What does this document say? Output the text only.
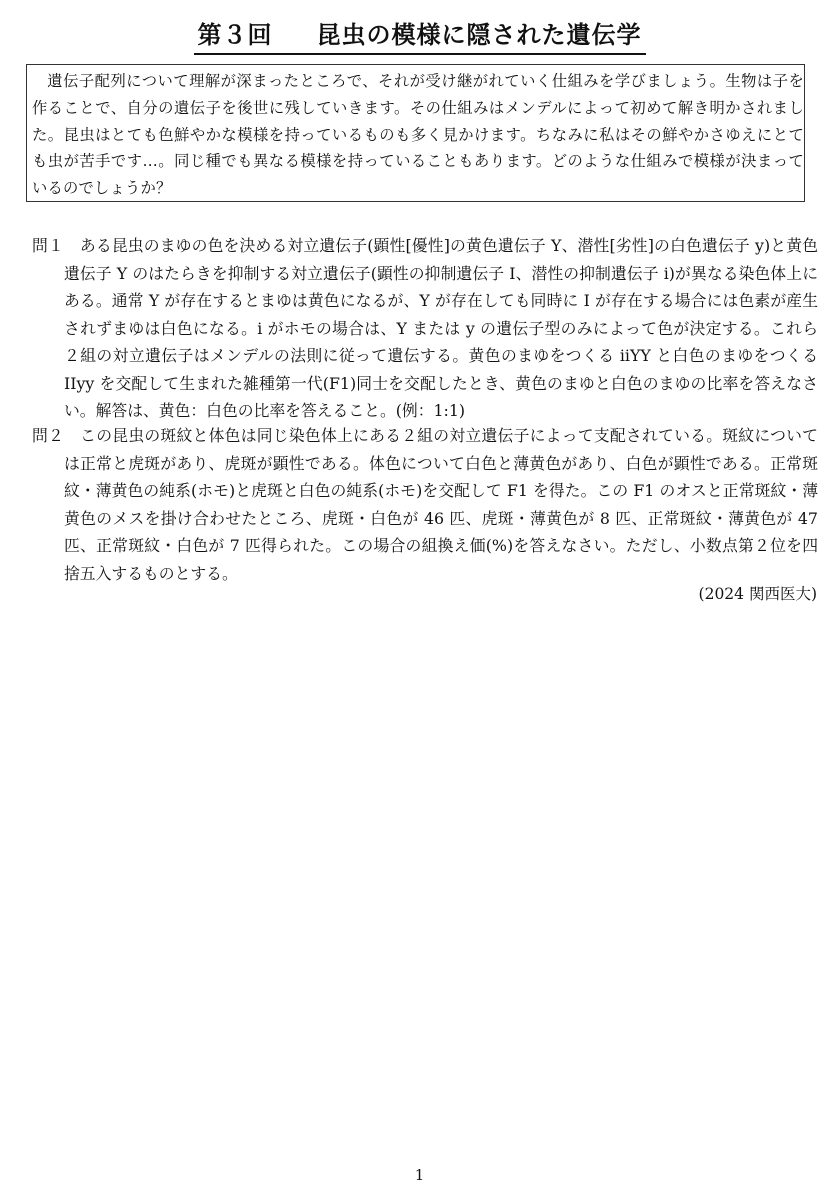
第３回 昆虫の模様に隠された遺伝学

遺伝子配列について理解が深まったところで、それが受け継がれていく仕組みを学びましょう。生物は子を作ることで、自分の遺伝子を後世に残していきます。その仕組みはメンデルによって初めて解き明かされました。昆虫はとても色鮮やかな模様を持っているものも多く見かけます。ちなみに私はその鮮やかさゆえにとても虫が苦手です…。同じ種でも異なる模様を持っていることもあります。どのような仕組みで模様が決まっているのでしょうか？

問１　 ある昆虫のまゆの色を決める対立遺伝子(顕性[優性]の黄色遺伝子 Y、潜性[劣性]の白色遺伝子 y)と黄色遺伝子 Y のはたらきを抑制する対立遺伝子(顕性の抑制遺伝子 I、潜性の抑制遺伝子 i)が異なる染色体上にある。通常 Y が存在するとまゆは黄色になるが、Y が存在しても同時に I が存在する場合には色素が産生されずまゆは白色になる。i がホモの場合は、Y または y の遺伝子型のみによって色が決定する。これら２組の対立遺伝子はメンデルの法則に従って遺伝する。黄色のまゆをつくる iiYY と白色のまゆをつくる IIyy を交配して生まれた雑種第一代(F1)同士を交配したとき、黄色のまゆと白色のまゆの比率を答えなさい。解答は、黄色：白色の比率を答えること。(例：1:1)
問２　 この昆虫の斑紋と体色は同じ染色体上にある２組の対立遺伝子によって支配されている。斑紋については正常と虎斑があり、虎斑が顕性である。体色について白色と薄黄色があり、白色が顕性である。正常斑紋・薄黄色の純系(ホモ)と虎斑と白色の純系(ホモ)を交配して F1 を得た。この F1 のオスと正常斑紋・薄黄色のメスを掛け合わせたところ、虎斑・白色が 46 匹、虎斑・薄黄色が 8 匹、正常斑紋・薄黄色が 47 匹、正常斑紋・白色が 7 匹得られた。この場合の組換え価(%)を答えなさい。ただし、小数点第２位を四捨五入するものとする。
(2024 関西医大)
1
